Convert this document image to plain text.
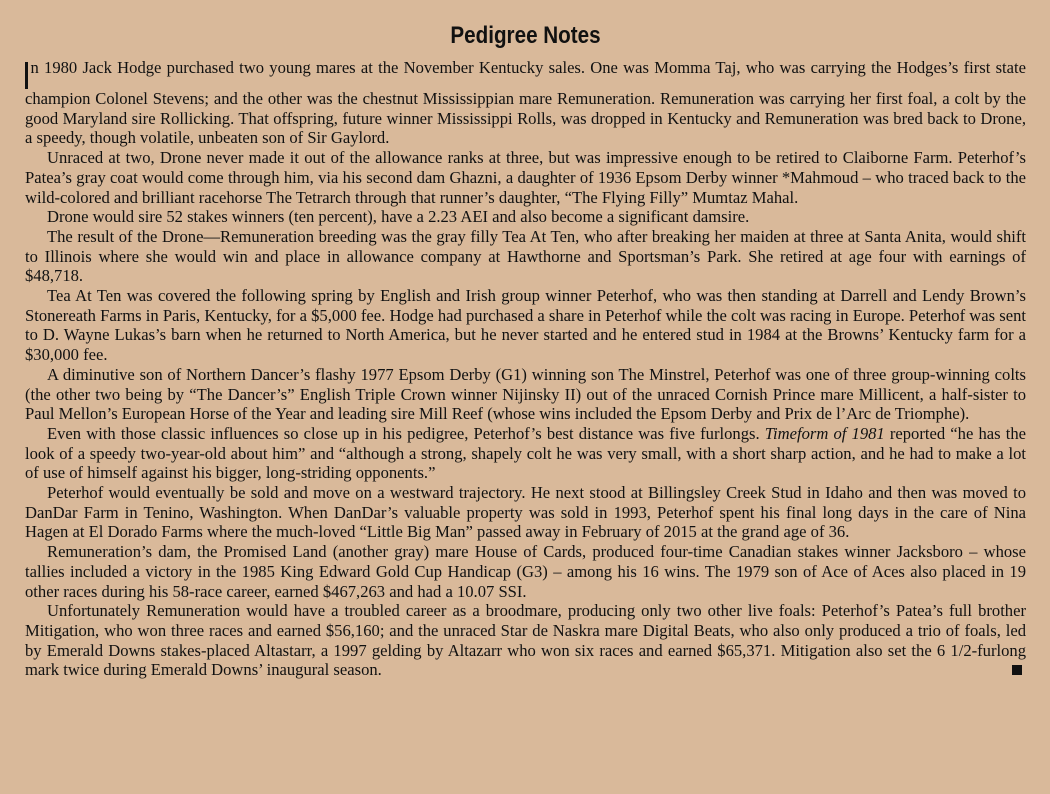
Pedigree Notes

n 1980 Jack Hodge purchased two young mares at the November Kentucky sales. One was Momma Taj, who was carrying the Hodges’s first state champion Colonel Stevens; and the other was the chestnut Mississippian mare Remuneration. Remuneration was carrying her first foal, a colt by the good Maryland sire Rollicking. That offspring, future winner Mississippi Rolls, was dropped in Kentucky and Remuneration was bred back to Drone, a speedy, though volatile, unbeaten son of Sir Gaylord.

Unraced at two, Drone never made it out of the allowance ranks at three, but was impressive enough to be retired to Claiborne Farm. Peterhof’s Patea’s gray coat would come through him, via his second dam Ghazni, a daughter of 1936 Epsom Derby winner *Mahmoud – who traced back to the wild-colored and brilliant racehorse The Tetrarch through that runner’s daughter, “The Flying Filly” Mumtaz Mahal.

Drone would sire 52 stakes winners (ten percent), have a 2.23 AEI and also become a significant damsire.

The result of the Drone—Remuneration breeding was the gray filly Tea At Ten, who after breaking her maiden at three at Santa Anita, would shift to Illinois where she would win and place in allowance company at Hawthorne and Sportsman’s Park. She retired at age four with earnings of $48,718.

Tea At Ten was covered the following spring by English and Irish group winner Peterhof, who was then standing at Darrell and Lendy Brown’s Stonereath Farms in Paris, Kentucky, for a $5,000 fee. Hodge had purchased a share in Peterhof while the colt was racing in Europe. Peterhof was sent to D. Wayne Lukas’s barn when he returned to North America, but he never started and he entered stud in 1984 at the Browns’ Kentucky farm for a $30,000 fee.

A diminutive son of Northern Dancer’s flashy 1977 Epsom Derby (G1) winning son The Minstrel, Peterhof was one of three group-winning colts (the other two being by “The Dancer’s” English Triple Crown winner Nijinsky II) out of the unraced Cornish Prince mare Millicent, a half-sister to Paul Mellon’s European Horse of the Year and leading sire Mill Reef (whose wins included the Epsom Derby and Prix de l’Arc de Triomphe).

Even with those classic influences so close up in his pedigree, Peterhof’s best distance was five furlongs. Timeform of 1981 reported “he has the look of a speedy two-year-old about him” and “although a strong, shapely colt he was very small, with a short sharp action, and he had to make a lot of use of himself against his bigger, long-striding opponents.”

Peterhof would eventually be sold and move on a westward trajectory. He next stood at Billingsley Creek Stud in Idaho and then was moved to DanDar Farm in Tenino, Washington. When DanDar’s valuable property was sold in 1993, Peterhof spent his final long days in the care of Nina Hagen at El Dorado Farms where the much-loved “Little Big Man” passed away in February of 2015 at the grand age of 36.

Remuneration’s dam, the Promised Land (another gray) mare House of Cards, produced four-time Canadian stakes winner Jacksboro – whose tallies included a victory in the 1985 King Edward Gold Cup Handicap (G3) – among his 16 wins. The 1979 son of Ace of Aces also placed in 19 other races during his 58-race career, earned $467,263 and had a 10.07 SSI.

Unfortunately Remuneration would have a troubled career as a broodmare, producing only two other live foals: Peterhof’s Patea’s full brother Mitigation, who won three races and earned $56,160; and the unraced Star de Naskra mare Digital Beats, who also only produced a trio of foals, led by Emerald Downs stakes-placed Altastarr, a 1997 gelding by Altazarr who won six races and earned $65,371. Mitigation also set the 6 1/2-furlong mark twice during Emerald Downs’ inaugural season.
